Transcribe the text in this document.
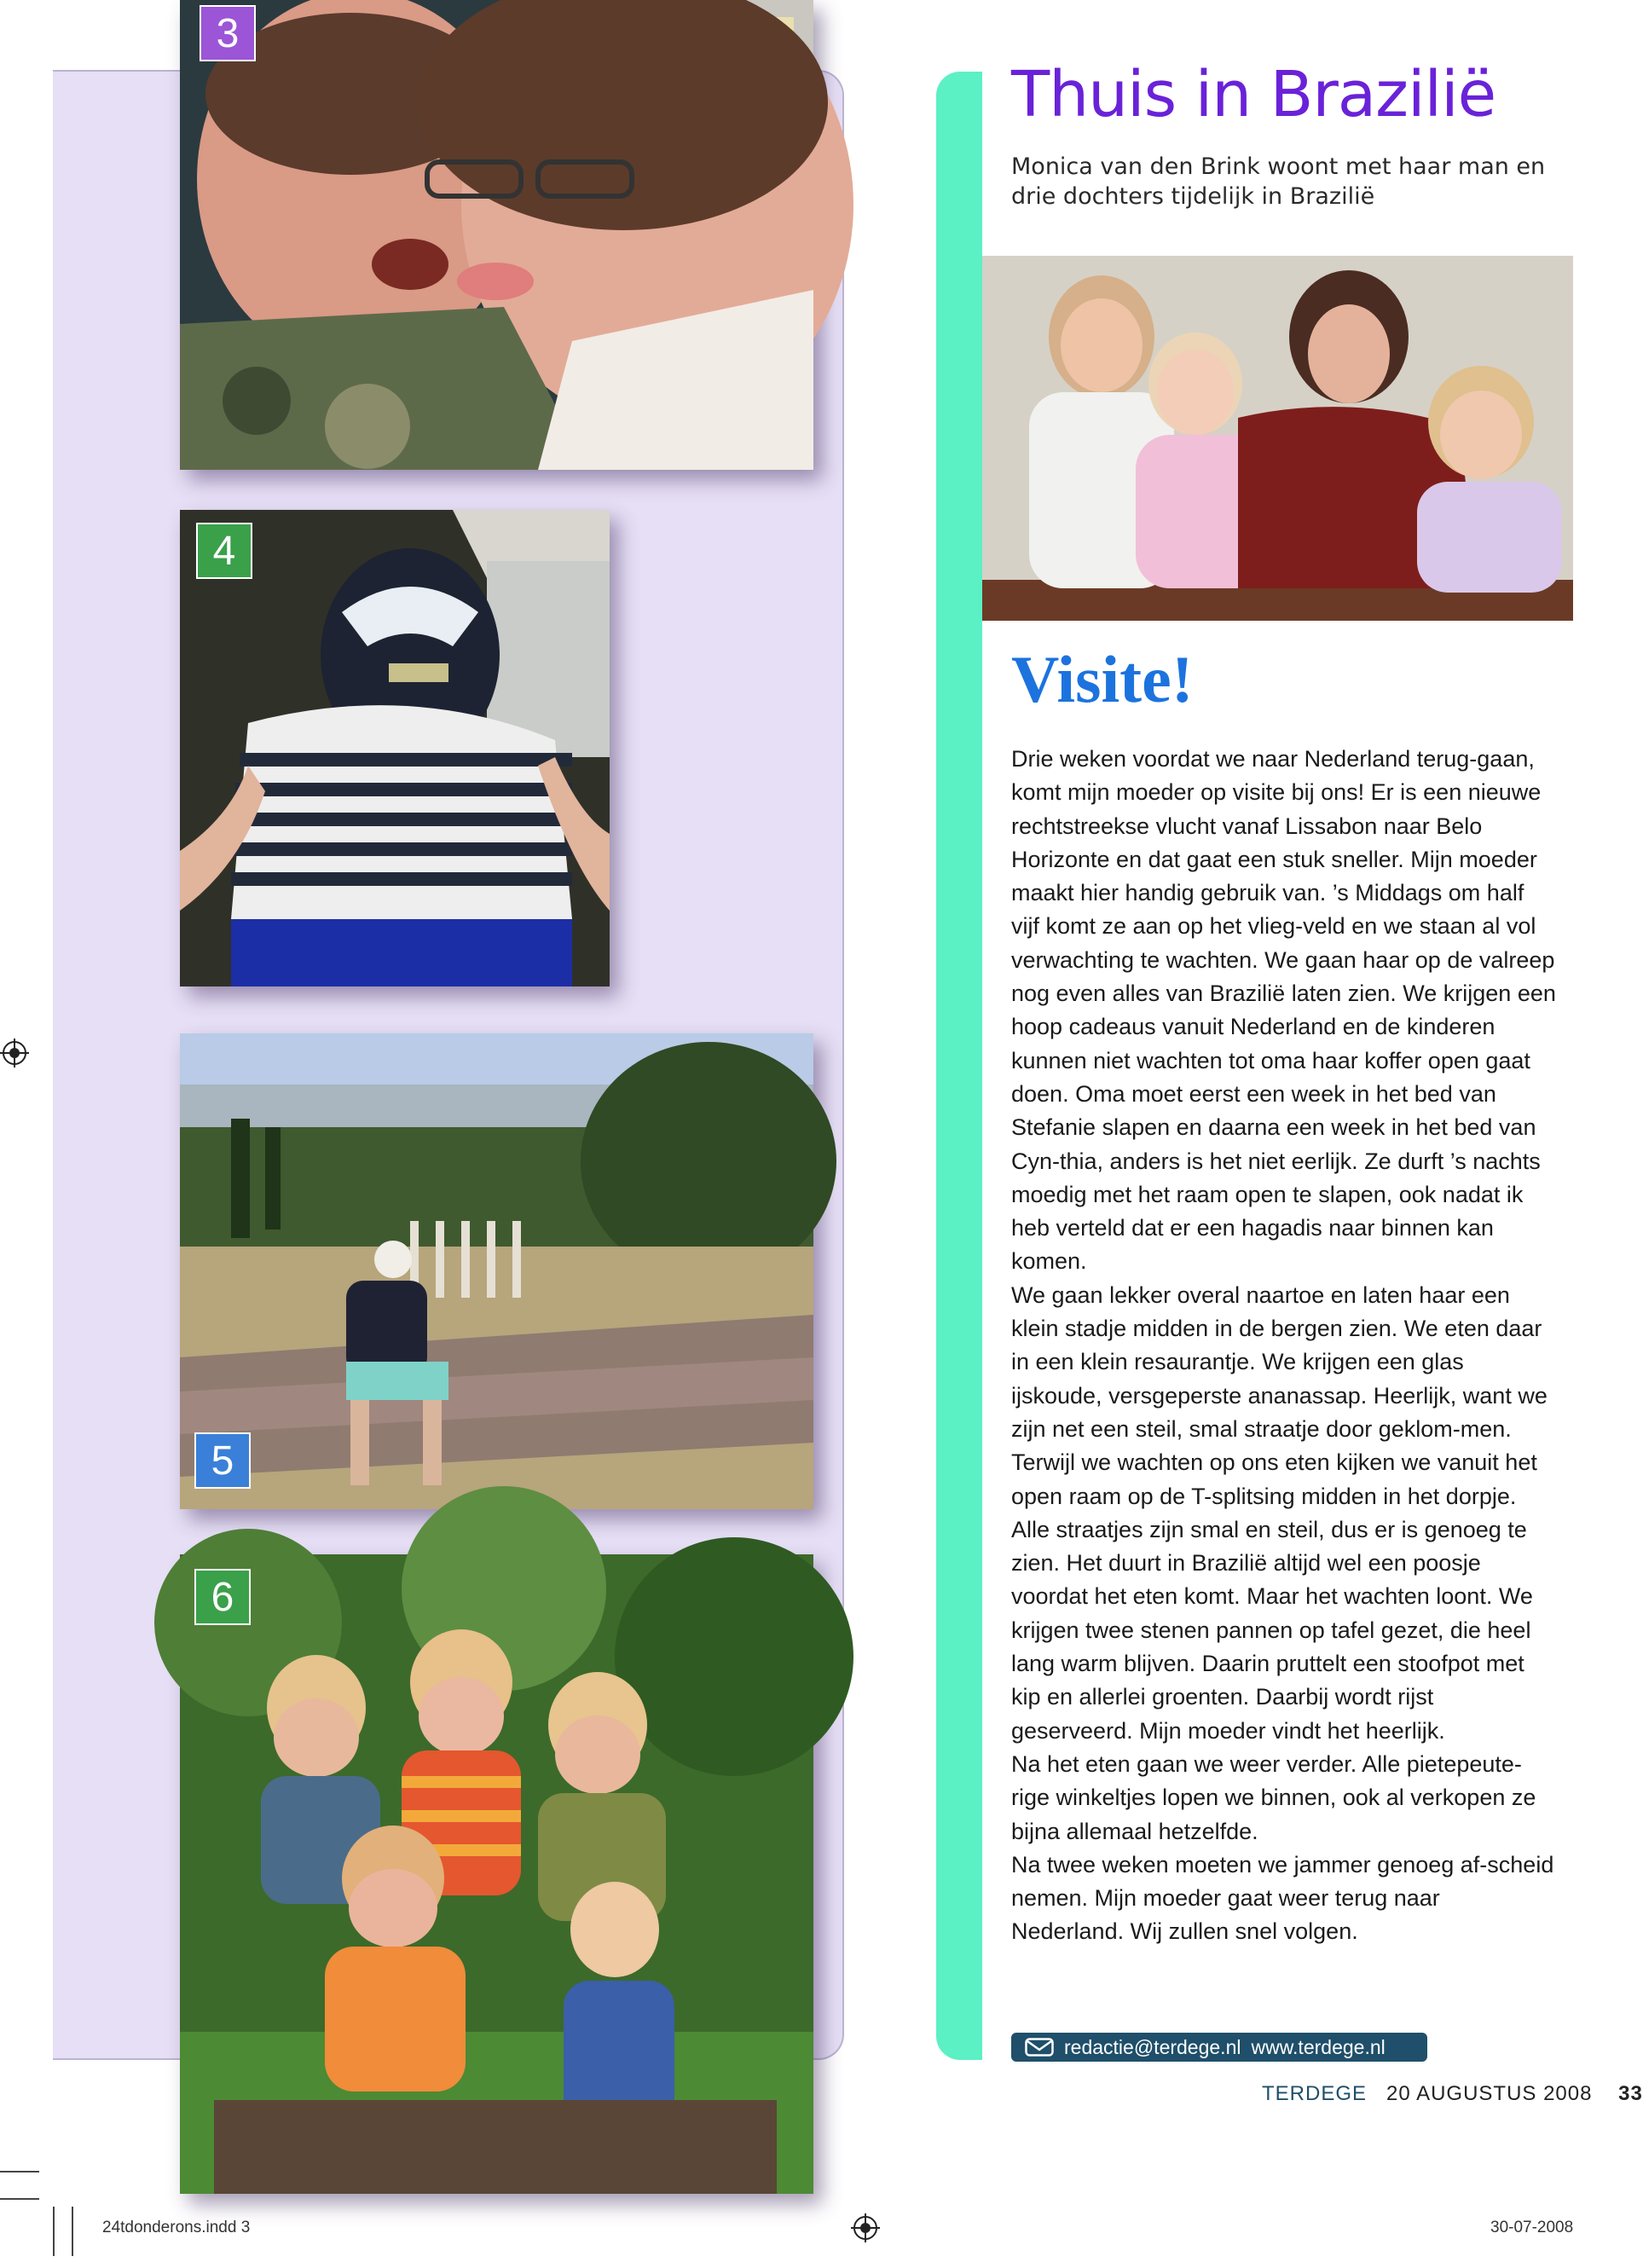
3
4
5
6
Thuis in Brazilië
Monica van den Brink woont met haar man en drie dochters tijdelijk in Brazilië
Visite!

Drie weken voordat we naar Nederland terug-gaan, komt mijn moeder op visite bij ons! Er is een nieuwe rechtstreekse vlucht vanaf Lissabon naar Belo Horizonte en dat gaat een stuk sneller. Mijn moeder maakt hier handig gebruik van. ’s Middags om half vijf komt ze aan op het vlieg-veld en we staan al vol verwachting te wachten. We gaan haar op de valreep nog even alles van Brazilië laten zien. We krijgen een hoop cadeaus vanuit Nederland en de kinderen kunnen niet wachten tot oma haar koffer open gaat doen. Oma moet eerst een week in het bed van Stefanie slapen en daarna een week in het bed van Cyn-thia, anders is het niet eerlijk. Ze durft ’s nachts moedig met het raam open te slapen, ook nadat ik heb verteld dat er een hagadis naar binnen kan komen.

We gaan lekker overal naartoe en laten haar een klein stadje midden in de bergen zien. We eten daar in een klein resaurantje. We krijgen een glas ijskoude, versgeperste ananassap. Heerlijk, want we zijn net een steil, smal straatje door geklom-men. Terwijl we wachten op ons eten kijken we vanuit het open raam op de T-splitsing midden in het dorpje. Alle straatjes zijn smal en steil, dus er is genoeg te zien. Het duurt in Brazilië altijd wel een poosje voordat het eten komt. Maar het wachten loont. We krijgen twee stenen pannen op tafel gezet, die heel lang warm blijven. Daarin pruttelt een stoofpot met kip en allerlei groenten. Daarbij wordt rijst geserveerd. Mijn moeder vindt het heerlijk.

Na het eten gaan we weer verder. Alle pietepeute-rige winkeltjes lopen we binnen, ook al verkopen ze bijna allemaal hetzelfde.

Na twee weken moeten we jammer genoeg af-scheid nemen. Mijn moeder gaat weer terug naar Nederland. Wij zullen snel volgen.

redactie@terdege.nl www.terdege.nl
TERDEGE 20 AUGUSTUS 2008 33
24tdonderons.indd 3	30-07-2008
